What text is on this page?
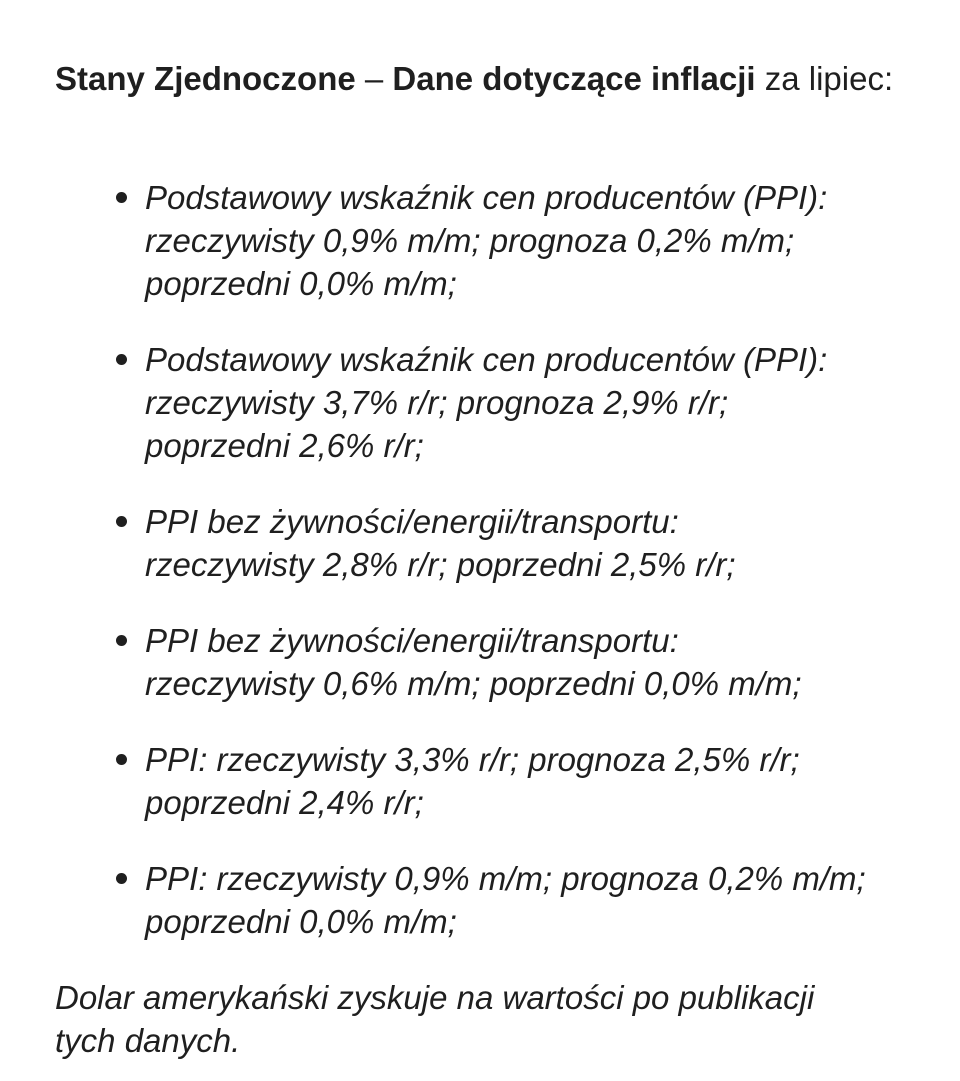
Stany Zjednoczone – Dane dotyczące inflacji za lipiec:

Podstawowy wskaźnik cen producentów (PPI):
rzeczywisty 0,9% m/m; prognoza 0,2% m/m;
poprzedni 0,0% m/m;
Podstawowy wskaźnik cen producentów (PPI):
rzeczywisty 3,7% r/r; prognoza 2,9% r/r;
poprzedni 2,6% r/r;
PPI bez żywności/energii/transportu:
rzeczywisty 2,8% r/r; poprzedni 2,5% r/r;
PPI bez żywności/energii/transportu:
rzeczywisty 0,6% m/m; poprzedni 0,0% m/m;
PPI: rzeczywisty 3,3% r/r; prognoza 2,5% r/r;
poprzedni 2,4% r/r;
PPI: rzeczywisty 0,9% m/m; prognoza 0,2% m/m;
poprzedni 0,0% m/m;

Dolar amerykański zyskuje na wartości po publikacji
tych danych.
